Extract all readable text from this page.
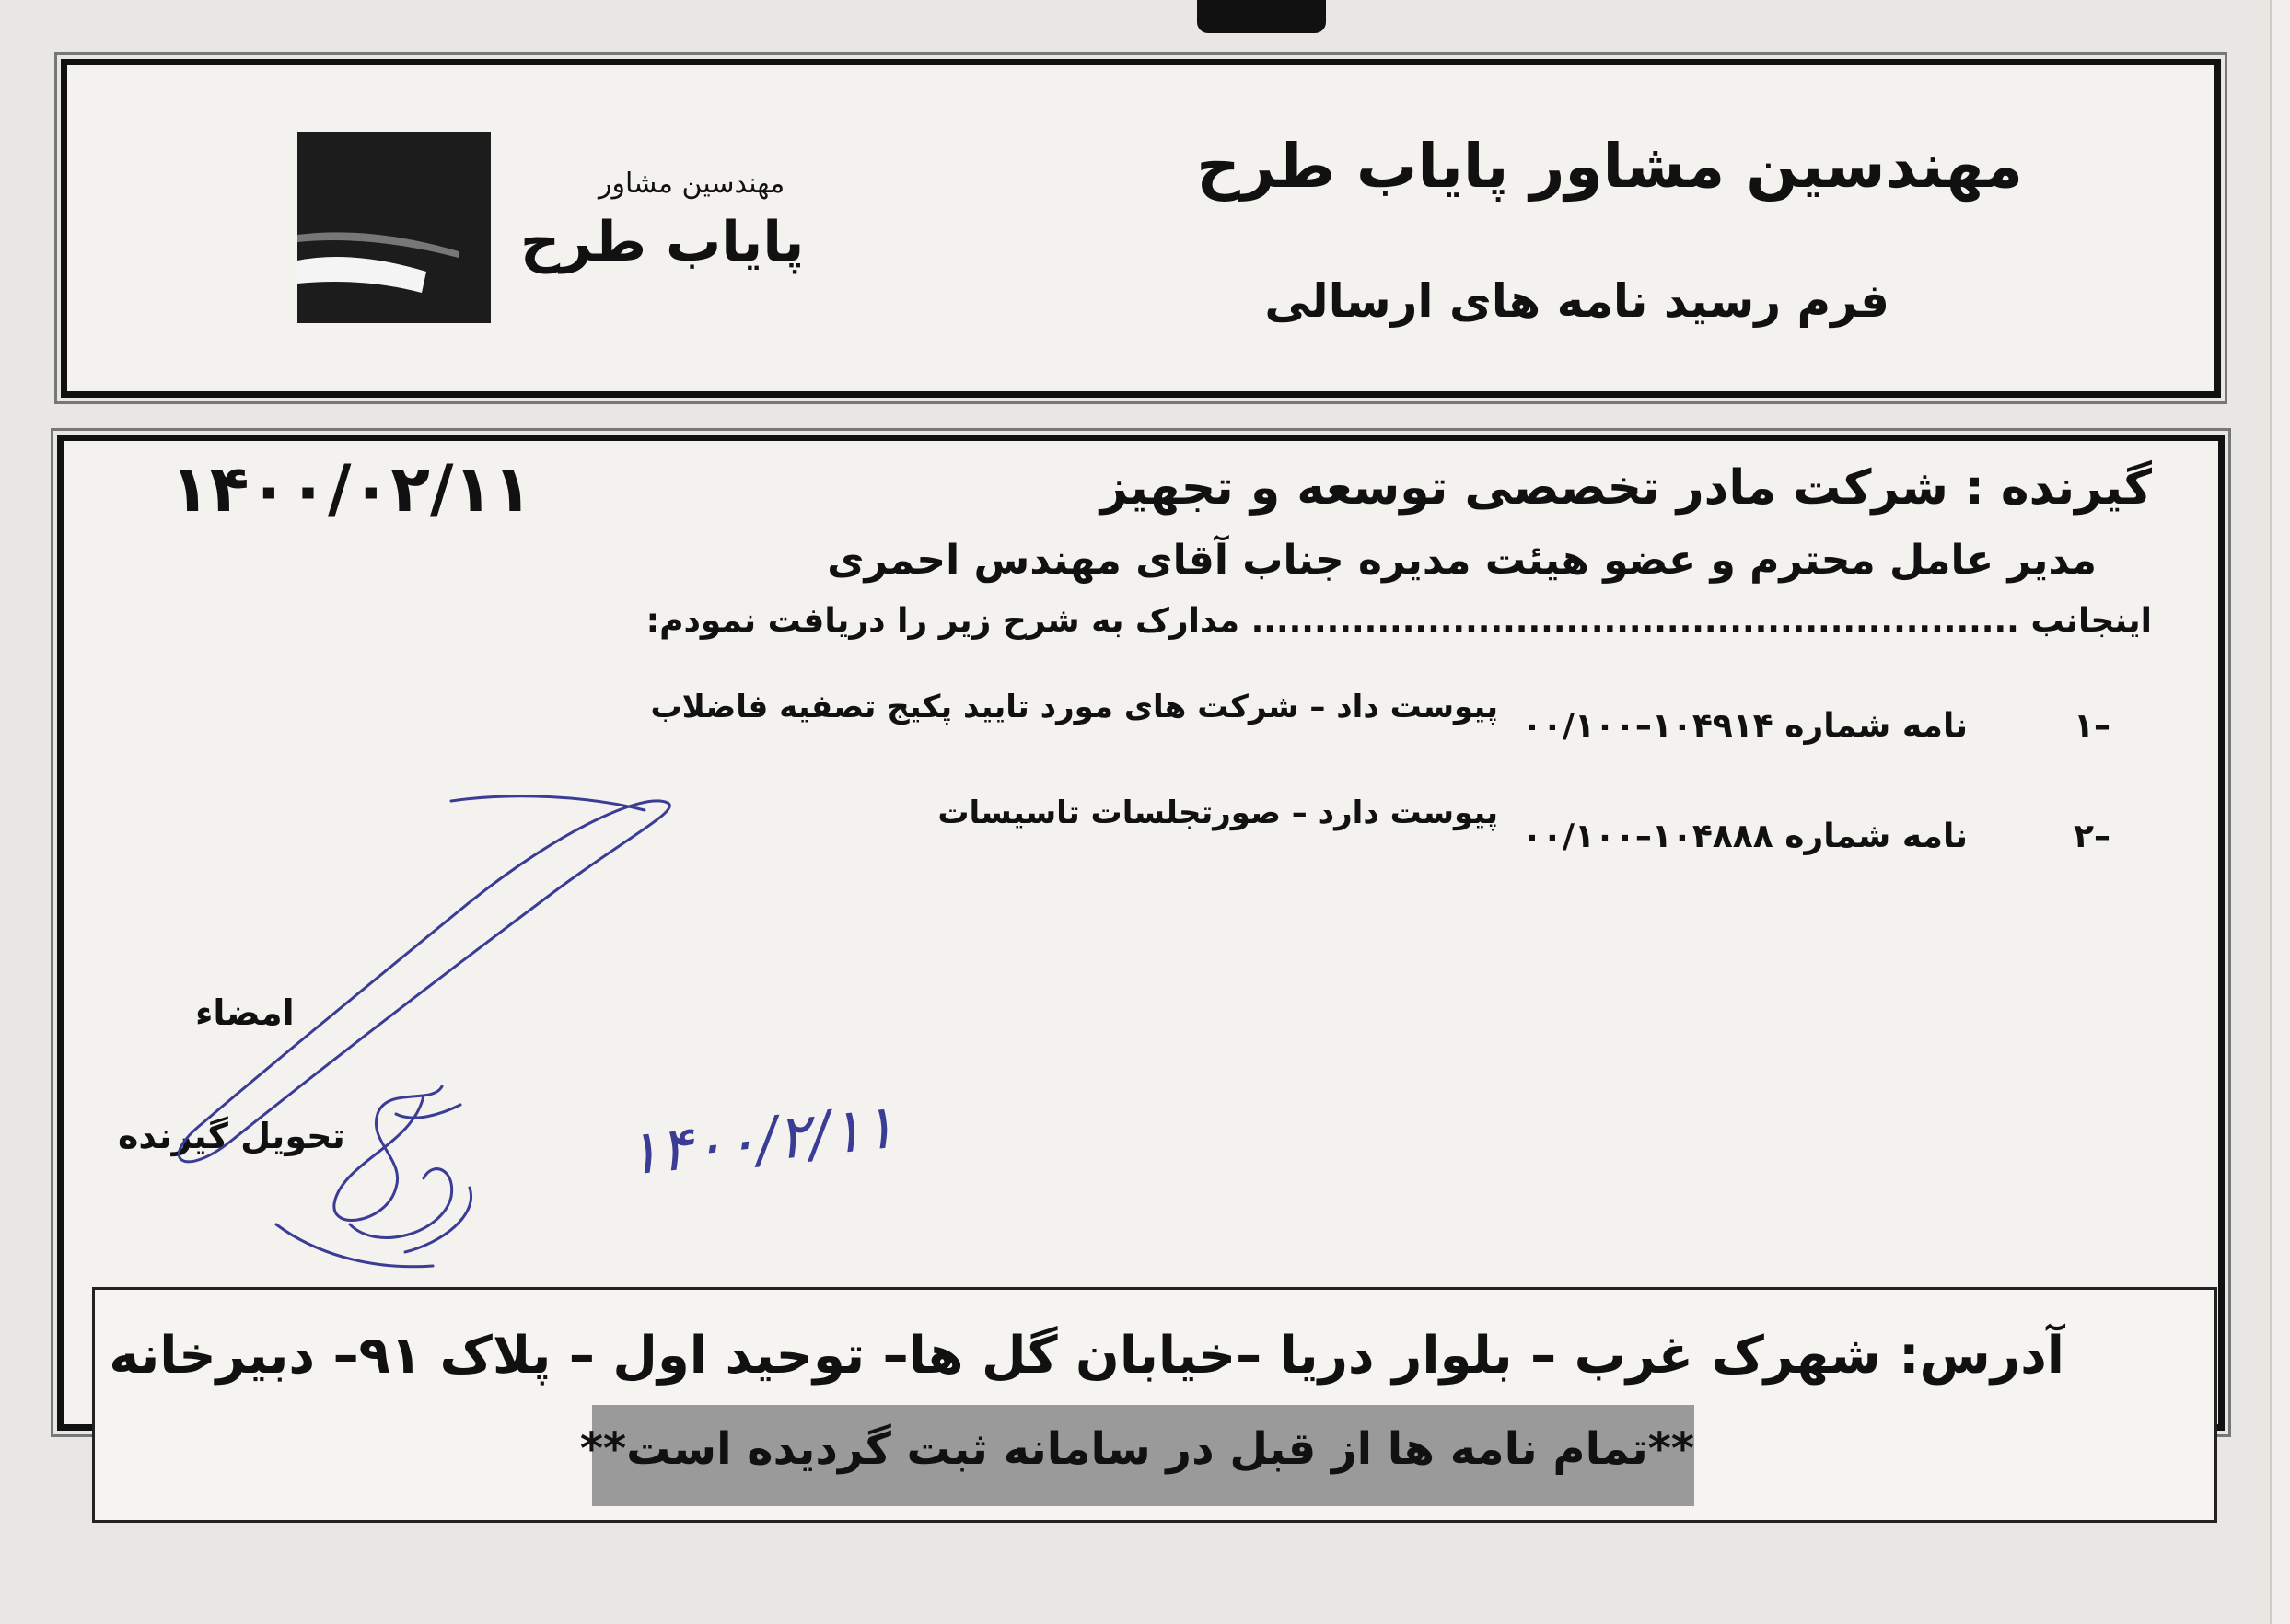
مهندسین مشاور پایاب طرح
فرم رسید نامه های ارسالی
مهندسین مشاور
پایاب طرح
۱۴۰۰/۰۲/۱۱	گیرنده : شرکت مادر تخصصی توسعه و تجهیز
مدیر عامل محترم و عضو هیئت مدیره جناب آقای مهندس احمری
اینجانب ............................................................. مدارک به شرح زیر را دریافت نمودم:
۱–
نامه شماره ۱۰۴۹۱۴–۰۰/۱۰۰
پیوست داد – شرکت های مورد تایید پکیج تصفیه فاضلاب
۲–
نامه شماره ۱۰۴۸۸۸–۰۰/۱۰۰
پیوست دارد – صورتجلسات تاسیسات
امضاء
تحویل گیرنده	۱۴۰۰/۲/۱۱
آدرس: شهرک غرب – بلوار دریا –خیابان گل ها– توحید اول – پلاک ۹۱– دبیرخانه
**تمام نامه ها از قبل در سامانه ثبت گردیده است**
